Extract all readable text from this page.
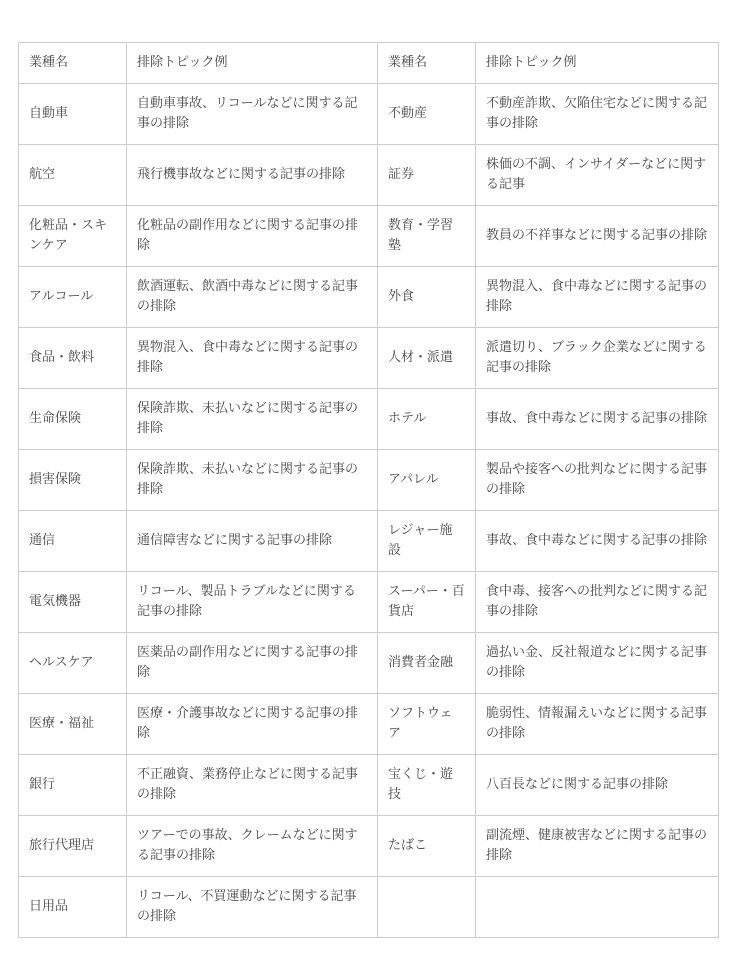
業種名	排除トピック例	業種名	排除トピック例
自動車	自動車事故、リコールなどに関する記事の排除	不動産	不動産詐欺、欠陥住宅などに関する記事の排除
航空	飛行機事故などに関する記事の排除	証券	株価の不調、インサイダーなどに関する記事
化粧品・スキンケア	化粧品の副作用などに関する記事の排除	教育・学習塾	教員の不祥事などに関する記事の排除
アルコール	飲酒運転、飲酒中毒などに関する記事の排除	外食	異物混入、食中毒などに関する記事の排除
食品・飲料	異物混入、食中毒などに関する記事の排除	人材・派遣	派遣切り、ブラック企業などに関する記事の排除
生命保険	保険詐欺、未払いなどに関する記事の排除	ホテル	事故、食中毒などに関する記事の排除
損害保険	保険詐欺、未払いなどに関する記事の排除	アパレル	製品や接客への批判などに関する記事の排除
通信	通信障害などに関する記事の排除	レジャー施設	事故、食中毒などに関する記事の排除
電気機器	リコール、製品トラブルなどに関する記事の排除	スーパー・百貨店	食中毒、接客への批判などに関する記事の排除
ヘルスケア	医薬品の副作用などに関する記事の排除	消費者金融	過払い金、反社報道などに関する記事の排除
医療・福祉	医療・介護事故などに関する記事の排除	ソフトウェア	脆弱性、情報漏えいなどに関する記事の排除
銀行	不正融資、業務停止などに関する記事の排除	宝くじ・遊技	八百長などに関する記事の排除
旅行代理店	ツアーでの事故、クレームなどに関する記事の排除	たばこ	副流煙、健康被害などに関する記事の排除
日用品	リコール、不買運動などに関する記事の排除		
